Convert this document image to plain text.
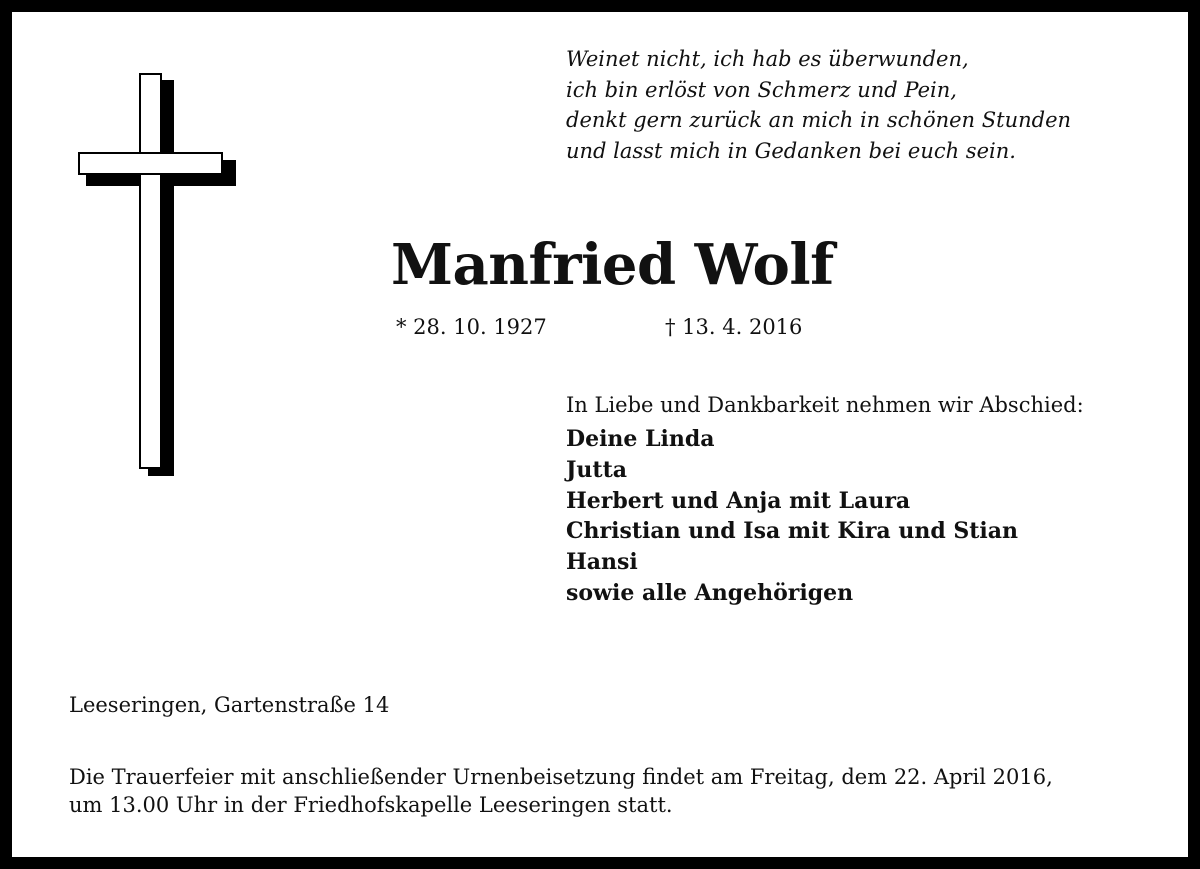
Weinet nicht, ich hab es überwunden,
ich bin erlöst von Schmerz und Pein,
denkt gern zurück an mich in schönen Stunden
und lasst mich in Gedanken bei euch sein.
Manfried Wolf
* 28. 10. 1927	† 13. 4. 2016
In Liebe und Dankbarkeit nehmen wir Abschied:
Deine Linda
Jutta
Herbert und Anja mit Laura
Christian und Isa mit Kira und Stian
Hansi
sowie alle Angehörigen
Leeseringen, Gartenstraße 14
Die Trauerfeier mit anschließender Urnenbeisetzung findet am Freitag, dem 22. April 2016,
um 13.00 Uhr in der Friedhofskapelle Leeseringen statt.
